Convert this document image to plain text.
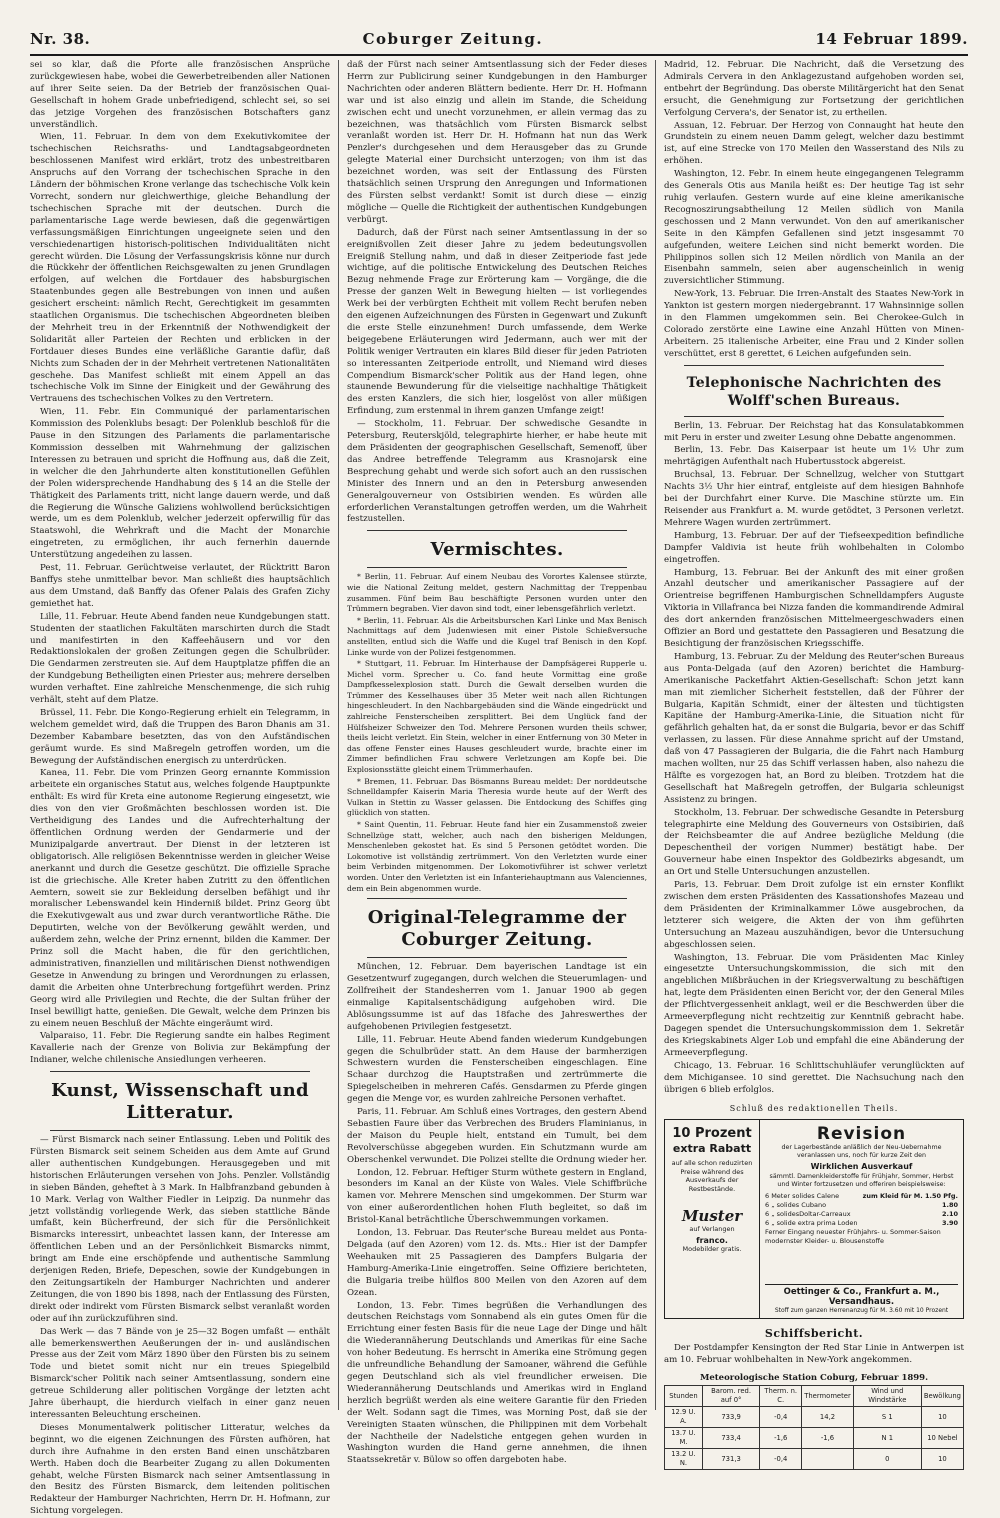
Nr. 38.	Coburger Zeitung.	14 Februar 1899.

sei so klar, daß die Pforte alle französischen Ansprüche zurückgewiesen habe, wobei die Gewerbetreibenden aller Nationen auf ihrer Seite seien. Da der Betrieb der französischen Quai-Gesellschaft in hohem Grade unbefriedigend, schlecht sei, so sei das jetzige Vorgehen des französischen Botschafters ganz unverständlich.

Wien, 11. Februar. In dem von dem Exekutivkomitee der tschechischen Reichsraths- und Landtagsabgeordneten beschlossenen Manifest wird erklärt, trotz des unbestreitbaren Anspruchs auf den Vorrang der tschechischen Sprache in den Ländern der böhmischen Krone verlange das tschechische Volk kein Vorrecht, sondern nur gleichwerthige, gleiche Behandlung der tschechischen Sprache mit der deutschen. Durch die parlamentarische Lage werde bewiesen, daß die gegenwärtigen verfassungsmäßigen Einrichtungen ungeeignete seien und den verschiedenartigen historisch-politischen Individualitäten nicht gerecht würden. Die Lösung der Verfassungskrisis könne nur durch die Rückkehr der öffentlichen Reichsgewalten zu jenen Grundlagen erfolgen, auf welchen die Fortdauer des habsburgischen Staatenbundes gegen alle Bestrebungen von innen und außen gesichert erscheint: nämlich Recht, Gerechtigkeit im gesammten staatlichen Organismus. Die tschechischen Abgeordneten bleiben der Mehrheit treu in der Erkenntniß der Nothwendigkeit der Solidarität aller Parteien der Rechten und erblicken in der Fortdauer dieses Bundes eine verläßliche Garantie dafür, daß Nichts zum Schaden der in der Mehrheit vertretenen Nationalitäten geschehe. Das Manifest schließt mit einem Appell an das tschechische Volk im Sinne der Einigkeit und der Gewährung des Vertrauens des tschechischen Volkes zu den Vertretern.

Wien, 11. Febr. Ein Communiqué der parlamentarischen Kommission des Polenklubs besagt: Der Polenklub beschloß für die Pause in den Sitzungen des Parlaments die parlamentarische Kommission desselben mit Wahrnehmung der galizischen Interessen zu betrauen und spricht die Hoffnung aus, daß die Zeit, in welcher die den Jahrhunderte alten konstitutionellen Gefühlen der Polen widersprechende Handhabung des § 14 an die Stelle der Thätigkeit des Parlaments tritt, nicht lange dauern werde, und daß die Regierung die Wünsche Galiziens wohlwollend berücksichtigen werde, um es dem Polenklub, welcher jederzeit opferwillig für das Staatswohl, die Wehrkraft und die Macht der Monarchie eingetreten, zu ermöglichen, ihr auch fernerhin dauernde Unterstützung angedeihen zu lassen.

Pest, 11. Februar. Gerüchtweise verlautet, der Rücktritt Baron Banffys stehe unmittelbar bevor. Man schließt dies hauptsächlich aus dem Umstand, daß Banffy das Ofener Palais des Grafen Zichy gemiethet hat.

Lille, 11. Februar. Heute Abend fanden neue Kundgebungen statt. Studenten der staatlichen Fakultäten marschirten durch die Stadt und manifestirten in den Kaffeehäusern und vor den Redaktionslokalen der großen Zeitungen gegen die Schulbrüder. Die Gendarmen zerstreuten sie. Auf dem Hauptplatze pfiffen die an der Kundgebung Betheiligten einen Priester aus; mehrere derselben wurden verhaftet. Eine zahlreiche Menschenmenge, die sich ruhig verhält, steht auf dem Platze.

Brüssel, 11. Febr. Die Kongo-Regierung erhielt ein Telegramm, in welchem gemeldet wird, daß die Truppen des Baron Dhanis am 31. Dezember Kabambare besetzten, das von den Aufständischen geräumt wurde. Es sind Maßregeln getroffen worden, um die Bewegung der Aufständischen energisch zu unterdrücken.

Kanea, 11. Febr. Die vom Prinzen Georg ernannte Kommission arbeitete ein organisches Statut aus, welches folgende Hauptpunkte enthält: Es wird für Kreta eine autonome Regierung eingesetzt, wie dies von den vier Großmächten beschlossen worden ist. Die Vertheidigung des Landes und die Aufrechterhaltung der öffentlichen Ordnung werden der Gendarmerie und der Munizipalgarde anvertraut. Der Dienst in der letzteren ist obligatorisch. Alle religiösen Bekenntnisse werden in gleicher Weise anerkannt und durch die Gesetze geschützt. Die offizielle Sprache ist die griechische. Alle Kreter haben Zutritt zu den öffentlichen Aemtern, soweit sie zur Bekleidung derselben befähigt und ihr moralischer Lebenswandel kein Hinderniß bildet. Prinz Georg übt die Exekutivgewalt aus und zwar durch verantwortliche Räthe. Die Deputirten, welche von der Bevölkerung gewählt werden, und außerdem zehn, welche der Prinz ernennt, bilden die Kammer. Der Prinz soll die Macht haben, die für den gerichtlichen, administrativen, finanziellen und militärischen Dienst nothwendigen Gesetze in Anwendung zu bringen und Verordnungen zu erlassen, damit die Arbeiten ohne Unterbrechung fortgeführt werden. Prinz Georg wird alle Privilegien und Rechte, die der Sultan früher der Insel bewilligt hatte, genießen. Die Gewalt, welche dem Prinzen bis zu einem neuen Beschluß der Mächte eingeräumt wird.

Valparaiso, 11. Febr. Die Regierung sandte ein halbes Regiment Kavallerie nach der Grenze von Bolivia zur Bekämpfung der Indianer, welche chilenische Ansiedlungen verheeren.

Kunst, Wissenschaft und Litteratur.

— Fürst Bismarck nach seiner Entlassung. Leben und Politik des Fürsten Bismarck seit seinem Scheiden aus dem Amte auf Grund aller authentischen Kundgebungen. Herausgegeben und mit historischen Erläuterungen versehen von Johs. Penzler. Vollständig in sieben Bänden, geheftet à 3 Mark. In Halbfranzband gebunden à 10 Mark. Verlag von Walther Fiedler in Leipzig. Da nunmehr das jetzt vollständig vorliegende Werk, das sieben stattliche Bände umfaßt, kein Bücherfreund, der sich für die Persönlichkeit Bismarcks interessirt, unbeachtet lassen kann, der Interesse am öffentlichen Leben und an der Persönlichkeit Bismarcks nimmt, bringt am Ende eine erschöpfende und authentische Sammlung derjenigen Reden, Briefe, Depeschen, sowie der Kundgebungen in den Zeitungsartikeln der Hamburger Nachrichten und anderer Zeitungen, die von 1890 bis 1898, nach der Entlassung des Fürsten, direkt oder indirekt vom Fürsten Bismarck selbst veranlaßt worden oder auf ihn zurückzuführen sind.

Das Werk — das 7 Bände von je 25—32 Bogen umfaßt — enthält alle bemerkenswerthen Aeußerungen der in- und ausländischen Presse aus der Zeit vom März 1890 über den Fürsten bis zu seinem Tode und bietet somit nicht nur ein treues Spiegelbild Bismarck'scher Politik nach seiner Amtsentlassung, sondern eine getreue Schilderung aller politischen Vorgänge der letzten acht Jahre überhaupt, die hierdurch vielfach in einer ganz neuen interessanten Beleuchtung erscheinen.

Dieses Monumentalwerk politischer Litteratur, welches da beginnt, wo die eigenen Zeichnungen des Fürsten aufhören, hat durch ihre Aufnahme in den ersten Band einen unschätzbaren Werth. Haben doch die Bearbeiter Zugang zu allen Dokumenten gehabt, welche Fürsten Bismarck nach seiner Amtsentlassung in den Besitz des Fürsten Bismarck, dem leitenden politischen Redakteur der Hamburger Nachrichten, Herrn Dr. H. Hofmann, zur Sichtung vorgelegen.

daß der Fürst nach seiner Amtsentlassung sich der Feder dieses Herrn zur Publicirung seiner Kundgebungen in den Hamburger Nachrichten oder anderen Blättern bediente. Herr Dr. H. Hofmann war und ist also einzig und allein im Stande, die Scheidung zwischen echt und unecht vorzunehmen, er allein vermag das zu bezeichnen, was thatsächlich vom Fürsten Bismarck selbst veranlaßt worden ist. Herr Dr. H. Hofmann hat nun das Werk Penzler's durchgesehen und dem Herausgeber das zu Grunde gelegte Material einer Durchsicht unterzogen; von ihm ist das bezeichnet worden, was seit der Entlassung des Fürsten thatsächlich seinen Ursprung den Anregungen und Informationen des Fürsten selbst verdankt! Somit ist durch diese — einzig mögliche — Quelle die Richtigkeit der authentischen Kundgebungen verbürgt.

Dadurch, daß der Fürst nach seiner Amtsentlassung in der so ereignißvollen Zeit dieser Jahre zu jedem bedeutungsvollen Ereigniß Stellung nahm, und daß in dieser Zeitperiode fast jede wichtige, auf die politische Entwickelung des Deutschen Reiches Bezug nehmende Frage zur Erörterung kam — Vorgänge, die die Presse der ganzen Welt in Bewegung hielten — ist vorliegendes Werk bei der verbürgten Echtheit mit vollem Recht berufen neben den eigenen Aufzeichnungen des Fürsten in Gegenwart und Zukunft die erste Stelle einzunehmen! Durch umfassende, dem Werke beigegebene Erläuterungen wird Jedermann, auch wer mit der Politik weniger Vertrauten ein klares Bild dieser für jeden Patrioten so interessanten Zeitperiode entrollt, und Niemand wird dieses Compendium Bismarck'scher Politik aus der Hand legen, ohne staunende Bewunderung für die vielseitige nachhaltige Thätigkeit des ersten Kanzlers, die sich hier, losgelöst von aller müßigen Erfindung, zum erstenmal in ihrem ganzen Umfange zeigt!

— Stockholm, 11. Februar. Der schwedische Gesandte in Petersburg, Reuterskjöld, telegraphirte hierher, er habe heute mit dem Präsidenten der geographischen Gesellschaft, Semenoff, über das Andree betreffende Telegramm aus Krasnojarsk eine Besprechung gehabt und werde sich sofort auch an den russischen Minister des Innern und an den in Petersburg anwesenden Generalgouverneur von Ostsibirien wenden. Es würden alle erforderlichen Veranstaltungen getroffen werden, um die Wahrheit festzustellen.

Vermischtes.

* Berlin, 11. Februar. Auf einem Neubau des Vorortes Kalensee stürzte, wie die National Zeitung meldet, gestern Nachmittag der Treppenbau zusammen. Fünf beim Bau beschäftigte Personen wurden unter den Trümmern begraben. Vier davon sind todt, einer lebensgefährlich verletzt.

* Berlin, 11. Februar. Als die Arbeitsburschen Karl Linke und Max Benisch Nachmittags auf dem Judenwiesen mit einer Pistole Schießversuche anstellten, entlud sich die Waffe und die Kugel traf Benisch in den Kopf. Linke wurde von der Polizei festgenommen.

* Stuttgart, 11. Februar. Im Hinterhause der Dampfsägerei Rupperle u. Michel vorm. Sprecher u. Co. fand heute Vormittag eine große Dampfkesselexplosion statt. Durch die Gewalt derselben wurden die Trümmer des Kesselhauses über 35 Meter weit nach allen Richtungen hingeschleudert. In den Nachbargebäuden sind die Wände eingedrückt und zahlreiche Fensterscheiben zersplittert. Bei dem Unglück fand der Hülfsheizer Schweizer den Tod. Mehrere Personen wurden theils schwer, theils leicht verletzt. Ein Stein, welcher in einer Entfernung von 30 Meter in das offene Fenster eines Hauses geschleudert wurde, brachte einer im Zimmer befindlichen Frau schwere Verletzungen am Kopfe bei. Die Explosionsstätte gleicht einem Trümmerhaufen.

* Bremen, 11. Februar. Das Bösmanns Bureau meldet: Der norddeutsche Schnelldampfer Kaiserin Maria Theresia wurde heute auf der Werft des Vulkan in Stettin zu Wasser gelassen. Die Entdockung des Schiffes ging glücklich von statten.

* Saint Quentin, 11. Februar. Heute fand hier ein Zusammenstoß zweier Schnellzüge statt, welcher, auch nach den bisherigen Meldungen, Menschenleben gekostet hat. Es sind 5 Personen getödtet worden. Die Lokomotive ist vollständig zertrümmert. Von den Verletzten wurde einer beim Verbinden mitgenommen. Der Lokomotivführer ist schwer verletzt worden. Unter den Verletzten ist ein Infanteriehauptmann aus Valenciennes, dem ein Bein abgenommen wurde.

Original-Telegramme der Coburger Zeitung.

München, 12. Februar. Dem bayerischen Landtage ist ein Gesetzentwurf zugegangen, durch welchen die Steuerumlagen- und Zollfreiheit der Standesherren vom 1. Januar 1900 ab gegen einmalige Kapitalsentschädigung aufgehoben wird. Die Ablösungssumme ist auf das 18fache des Jahreswerthes der aufgehobenen Privilegien festgesetzt.

Lille, 11. Februar. Heute Abend fanden wiederum Kundgebungen gegen die Schulbrüder statt. An dem Hause der barmherzigen Schwestern wurden die Fensterscheiben eingeschlagen. Eine Schaar durchzog die Hauptstraßen und zertrümmerte die Spiegelscheiben in mehreren Cafés. Gensdarmen zu Pferde gingen gegen die Menge vor, es wurden zahlreiche Personen verhaftet.

Paris, 11. Februar. Am Schluß eines Vortrages, den gestern Abend Sebastien Faure über das Verbrechen des Bruders Flaminianus, in der Maison du Peuple hielt, entstand ein Tumult, bei dem Revolverschüsse abgegeben wurden. Ein Schutzmann wurde am Oberschenkel verwundet. Die Polizei stellte die Ordnung wieder her.

London, 12. Februar. Heftiger Sturm wüthete gestern in England, besonders im Kanal an der Küste von Wales. Viele Schiffbrüche kamen vor. Mehrere Menschen sind umgekommen. Der Sturm war von einer außerordentlichen hohen Fluth begleitet, so daß im Bristol-Kanal beträchtliche Überschwemmungen vorkamen.

London, 13. Februar. Das Reuter'sche Bureau meldet aus Ponta-Delgada (auf den Azoren) vom 12. ds. Mts.: Hier ist der Dampfer Weehauken mit 25 Passagieren des Dampfers Bulgaria der Hamburg-Amerika-Linie eingetroffen. Seine Offiziere berichteten, die Bulgaria treibe hülflos 800 Meilen von den Azoren auf dem Ozean.

London, 13. Febr. Times begrüßen die Verhandlungen des deutschen Reichstags vom Sonnabend als ein gutes Omen für die Errichtung einer festen Basis für die neue Lage der Dinge und hält die Wiederannäherung Deutschlands und Amerikas für eine Sache von hoher Bedeutung. Es herrscht in Amerika eine Strömung gegen die unfreundliche Behandlung der Samoaner, während die Gefühle gegen Deutschland sich als viel freundlicher erweisen. Die Wiederannäherung Deutschlands und Amerikas wird in England herzlich begrüßt werden als eine weitere Garantie für den Frieden der Welt. Sodann sagt die Times, was Morning Post, daß sie der Vereinigten Staaten wünschen, die Philippinen mit dem Vorbehalt der Nachtheile der Nadelstiche entgegen gehen wurden in Washington wurden die Hand gerne annehmen, die ihnen Staatssekretär v. Bülow so offen dargeboten habe.

Madrid, 12. Februar. Die Nachricht, daß die Versetzung des Admirals Cervera in den Anklagezustand aufgehoben worden sei, entbehrt der Begründung. Das oberste Militärgericht hat den Senat ersucht, die Genehmigung zur Fortsetzung der gerichtlichen Verfolgung Cervera's, der Senator ist, zu ertheilen.

Assuan, 12. Februar. Der Herzog von Connaught hat heute den Grundstein zu einem neuen Damm gelegt, welcher dazu bestimmt ist, auf eine Strecke von 170 Meilen den Wasserstand des Nils zu erhöhen.

Washington, 12. Febr. In einem heute eingegangenen Telegramm des Generals Otis aus Manila heißt es: Der heutige Tag ist sehr ruhig verlaufen. Gestern wurde auf eine kleine amerikanische Recognoszirungsabtheilung 12 Meilen südlich von Manila geschossen und 2 Mann verwundet. Von den auf amerikanischer Seite in den Kämpfen Gefallenen sind jetzt insgesammt 70 aufgefunden, weitere Leichen sind nicht bemerkt worden. Die Philippinos sollen sich 12 Meilen nördlich von Manila an der Eisenbahn sammeln, seien aber augenscheinlich in wenig zuversichtlicher Stimmung.

New-York, 13. Februar. Die Irren-Anstalt des Staates New-York in Yankton ist gestern morgen niedergebrannt. 17 Wahnsinnige sollen in den Flammen umgekommen sein. Bei Cherokee-Gulch in Colorado zerstörte eine Lawine eine Anzahl Hütten von Minen-Arbeitern. 25 italienische Arbeiter, eine Frau und 2 Kinder sollen verschüttet, erst 8 gerettet, 6 Leichen aufgefunden sein.

Telephonische Nachrichten des Wolff'schen Bureaus.

Berlin, 13. Februar. Der Reichstag hat das Konsulatabkommen mit Peru in erster und zweiter Lesung ohne Debatte angenommen.

Berlin, 13. Febr. Das Kaiserpaar ist heute um 1½ Uhr zum mehrtägigen Aufenthalt nach Hubertusstock abgereist.

Bruchsal, 13. Februar. Der Schnellzug, welcher von Stuttgart Nachts 3½ Uhr hier eintraf, entgleiste auf dem hiesigen Bahnhofe bei der Durchfahrt einer Kurve. Die Maschine stürzte um. Ein Reisender aus Frankfurt a. M. wurde getödtet, 3 Personen verletzt. Mehrere Wagen wurden zertrümmert.

Hamburg, 13. Februar. Der auf der Tiefseexpedition befindliche Dampfer Valdivia ist heute früh wohlbehalten in Colombo eingetroffen.

Hamburg, 13. Februar. Bei der Ankunft des mit einer großen Anzahl deutscher und amerikanischer Passagiere auf der Orientreise begriffenen Hamburgischen Schnelldampfers Auguste Viktoria in Villafranca bei Nizza fanden die kommandirende Admiral des dort ankernden französischen Mittelmeergeschwaders einen Offizier an Bord und gestattete den Passagieren und Besatzung die Besichtigung der französischen Kriegsschiffe.

Hamburg, 13. Februar. Zu der Meldung des Reuter'schen Bureaus aus Ponta-Delgada (auf den Azoren) berichtet die Hamburg-Amerikanische Packetfahrt Aktien-Gesellschaft: Schon jetzt kann man mit ziemlicher Sicherheit feststellen, daß der Führer der Bulgaria, Kapitän Schmidt, einer der ältesten und tüchtigsten Kapitäne der Hamburg-Amerika-Linie, die Situation nicht für gefährlich gehalten hat, da er sonst die Bulgaria, bevor er das Schiff verlassen, zu lassen. Für diese Annahme spricht auf der Umstand, daß von 47 Passagieren der Bulgaria, die die Fahrt nach Hamburg machen wollten, nur 25 das Schiff verlassen haben, also nahezu die Hälfte es vorgezogen hat, an Bord zu bleiben. Trotzdem hat die Gesellschaft hat Maßregeln getroffen, der Bulgaria schleunigst Assistenz zu bringen.

Stockholm, 13. Februar. Der schwedische Gesandte in Petersburg telegraphirte eine Meldung des Gouverneurs von Ostsibirien, daß der Reichsbeamter die auf Andree bezügliche Meldung (die Depeschentheil der vorigen Nummer) bestätigt habe. Der Gouverneur habe einen Inspektor des Goldbezirks abgesandt, um an Ort und Stelle Untersuchungen anzustellen.

Paris, 13. Februar. Dem Droit zufolge ist ein ernster Konflikt zwischen dem ersten Präsidenten des Kassationshofes Mazeau und dem Präsidenten der Kriminalkammer Löwe ausgebrochen, da letzterer sich weigere, die Akten der von ihm geführten Untersuchung an Mazeau auszuhändigen, bevor die Untersuchung abgeschlossen seien.

Washington, 13. Februar. Die vom Präsidenten Mac Kinley eingesetzte Untersuchungskommission, die sich mit den angeblichen Mißbräuchen in der Kriegsverwaltung zu beschäftigen hat, legte dem Präsidenten einen Bericht vor, der den General Miles der Pflichtvergessenheit anklagt, weil er die Beschwerden über die Armeeverpflegung nicht rechtzeitig zur Kenntniß gebracht habe. Dagegen spendet die Untersuchungskommission dem 1. Sekretär des Kriegskabinets Alger Lob und empfahl die eine Abänderung der Armeeverpflegung.

Chicago, 13. Februar. 16 Schlittschuhläufer verunglückten auf dem Michigansee. 10 sind gerettet. Die Nachsuchung nach den übrigen 6 blieb erfolglos.

Schluß des redaktionellen Theils.
10 Prozent
extra Rabatt
auf alle schon reduzirten Preise während des Ausverkaufs der Restbestände.
Muster
auf Verlangen
franco.
Modebilder gratis.
Revision
der Lagerbestände anläßlich der Neu-Uebernahme veranlassen uns, noch für kurze Zeit den
Wirklichen Ausverkauf
sämmtl. Damenkleiderstoffe für Frühjahr, Sommer, Herbst und Winter fortzusetzen und offeriren beispielsweise:
6 Meter solides Calene	zum Kleid für M. 1.50 Pfg.
6 „ solides Cubano	1.80
6 „ solidesDoltar-Carreaux	2.10
6 „ solide extra prima Loden	3.90
Ferner Eingang neuester Frühjahrs- u. Sommer-Saison
modernster Kleider- u. Blousenstoffe
Oettinger & Co., Frankfurt a. M., Versandhaus.
Stoff zum ganzen Herrenanzug für M. 3.60 mit 10 Prozent
Schiffsbericht.

Der Postdampfer Kensington der Red Star Linie in Antwerpen ist am 10. Februar wohlbehalten in New-York angekommen.

Meteorologische Station Coburg, Februar 1899.
Stunden	Barom. red. auf 0°	Therm. n. C.	Thermometer	Wind und Windstärke	Bewölkung
12.9 U. A.	733,9	-0,4	14,2	S 1	10
13.7 U. M.	733,4	-1,6	-1,6	N 1	10 Nebel
13.2 U. N.	731,3	-0,4		0	10
